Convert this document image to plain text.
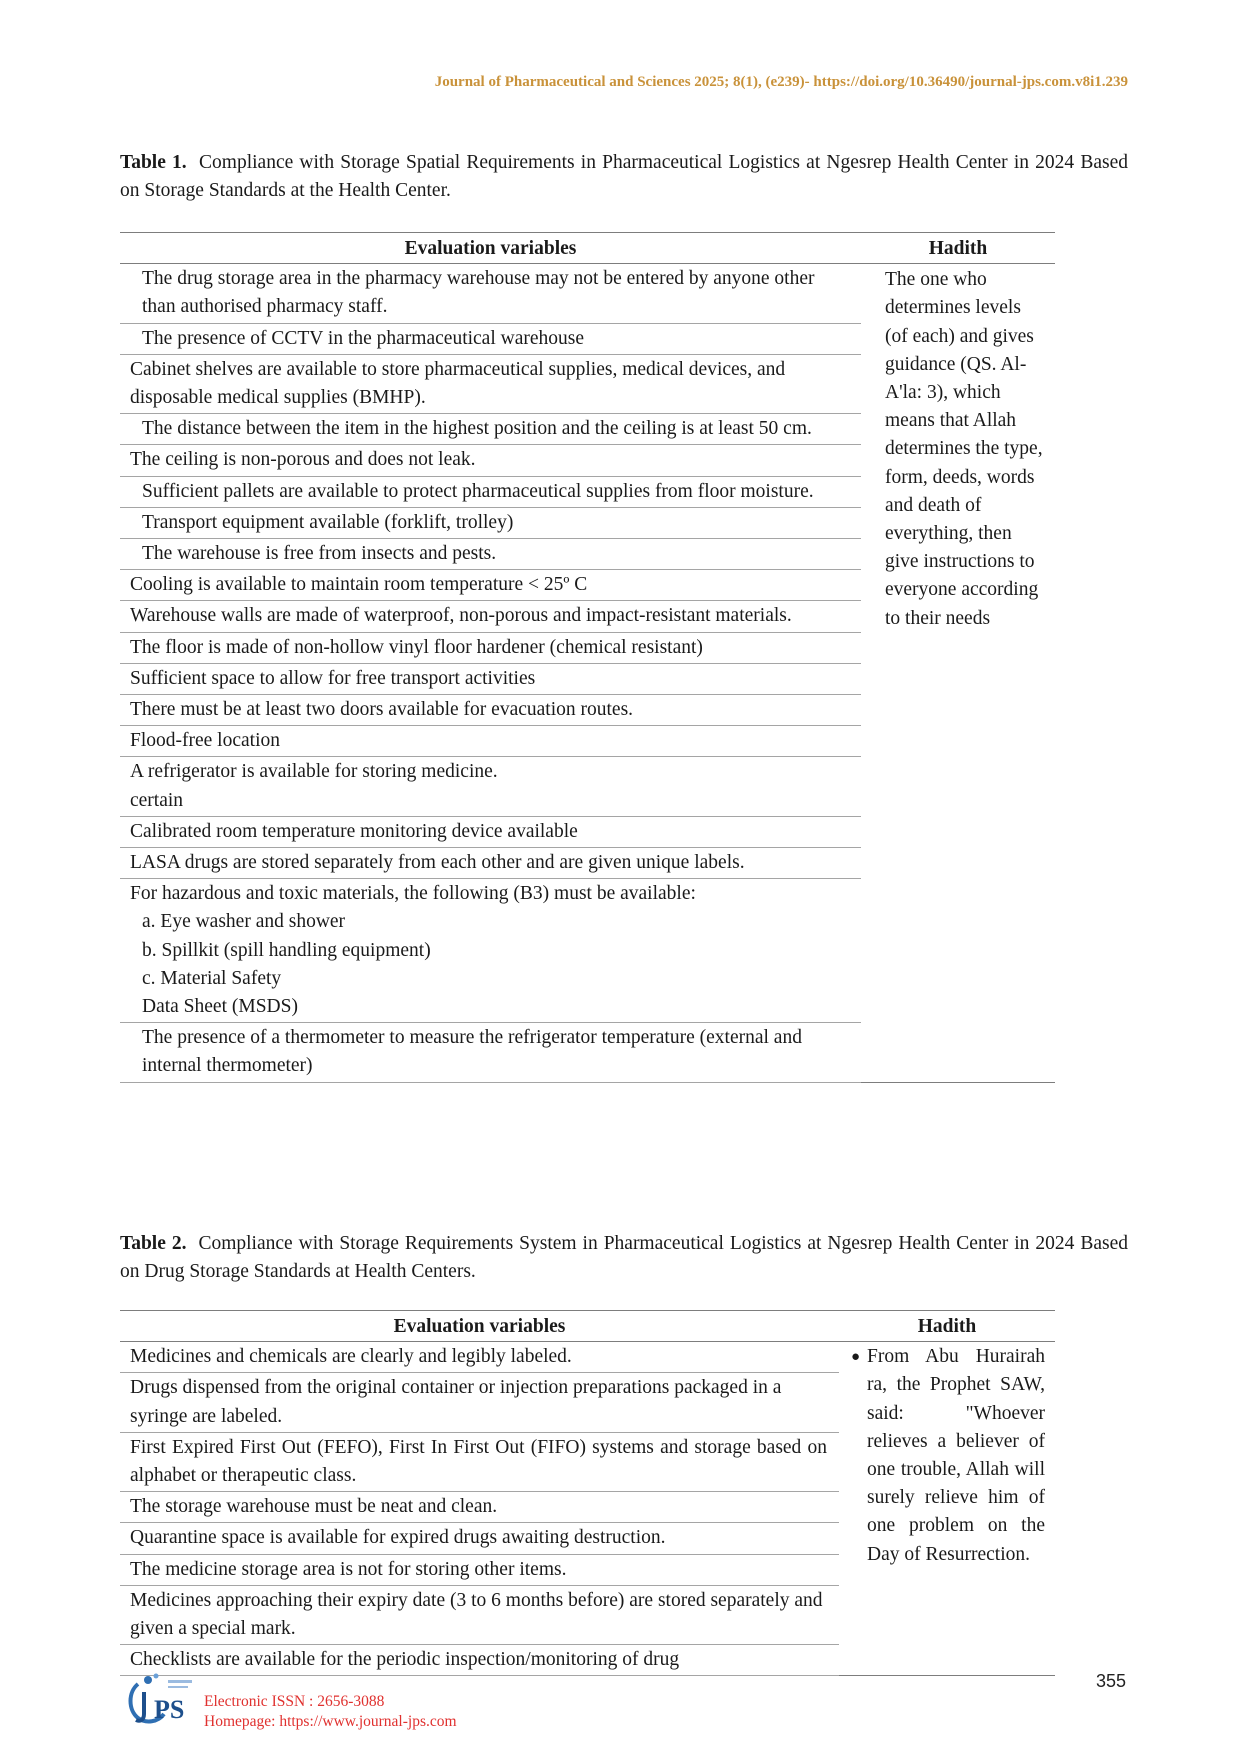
Journal of Pharmaceutical and Sciences 2025; 8(1), (e239)- https://doi.org/10.36490/journal-jps.com.v8i1.239
Table 1. Compliance with Storage Spatial Requirements in Pharmaceutical Logistics at Ngesrep Health Center in 2024 Based on Storage Standards at the Health Center.
Evaluation variables	Hadith
The drug storage area in the pharmacy warehouse may not be entered by anyone other than authorised pharmacy staff.	The one who determines levels (of each) and gives guidance (QS. Al-A'la: 3), which means that Allah determines the type, form, deeds, words and death of everything, then give instructions to everyone according to their needs

The presence of CCTV in the pharmaceutical warehouse	
Cabinet shelves are available to store pharmaceutical supplies, medical devices, and disposable medical supplies (BMHP).	
The distance between the item in the highest position and the ceiling is at least 50 cm.	
The ceiling is non-porous and does not leak.	
Sufficient pallets are available to protect pharmaceutical supplies from floor moisture.	
Transport equipment available (forklift, trolley)	
The warehouse is free from insects and pests.	
Cooling is available to maintain room temperature < 25º C	
Warehouse walls are made of waterproof, non-porous and impact-resistant materials.	
The floor is made of non-hollow vinyl floor hardener (chemical resistant)	
Sufficient space to allow for free transport activities	
There must be at least two doors available for evacuation routes.	
Flood-free location	

A refrigerator is available for storing medicine.
certain	

Calibrated room temperature monitoring device available	
LASA drugs are stored separately from each other and are given unique labels.	

For hazardous and toxic materials, the following (B3) must be available:
a. Eye washer and shower
b. Spillkit (spill handling equipment)
c. Material Safety
Data Sheet (MSDS)	

The presence of a thermometer to measure the refrigerator temperature (external and internal thermometer)	
Table 2. Compliance with Storage Requirements System in Pharmaceutical Logistics at Ngesrep Health Center in 2024 Based on Drug Storage Standards at Health Centers.
Evaluation variables	Hadith
Medicines and chemicals are clearly and legibly labeled.	● From Abu Hurairah ra, the Prophet SAW, said: "Whoever relieves a believer of one trouble, Allah will surely relieve him of one problem on the Day of Resurrection.

Drugs dispensed from the original container or injection preparations packaged in a syringe are labeled.	
First Expired First Out (FEFO), First In First Out (FIFO) systems and storage based on alphabet or therapeutic class.	
The storage warehouse must be neat and clean.	
Quarantine space is available for expired drugs awaiting destruction.	
The medicine storage area is not for storing other items.	
Medicines approaching their expiry date (3 to 6 months before) are stored separately and given a special mark.	
Checklists are available for the periodic inspection/monitoring of drug	
355
PS Electronic ISSN : 2656-3088
Homepage: https://www.journal-jps.com
